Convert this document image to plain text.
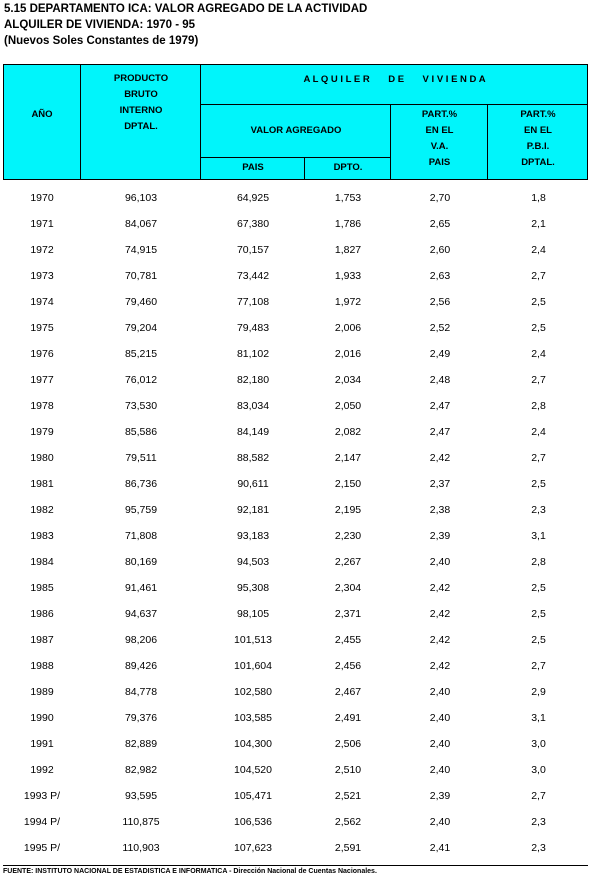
5.15 DEPARTAMENTO ICA: VALOR AGREGADO DE LA ACTIVIDAD
ALQUILER DE VIVIENDA: 1970 - 95
(Nuevos Soles Constantes de 1979)
AÑO
PRODUCTO
BRUTO
INTERNO
DPTAL.
A L Q U I L E R       D E       V I V I E N D A
VALOR AGREGADO
PAIS	DPTO.
PART.%
EN EL
V.A.
PAIS
PART.%
EN EL
P.B.I.
DPTAL.
1970	96,103	64,925	1,753	2,70	1,8
1971	84,067	67,380	1,786	2,65	2,1
1972	74,915	70,157	1,827	2,60	2,4
1973	70,781	73,442	1,933	2,63	2,7
1974	79,460	77,108	1,972	2,56	2,5
1975	79,204	79,483	2,006	2,52	2,5
1976	85,215	81,102	2,016	2,49	2,4
1977	76,012	82,180	2,034	2,48	2,7
1978	73,530	83,034	2,050	2,47	2,8
1979	85,586	84,149	2,082	2,47	2,4
1980	79,511	88,582	2,147	2,42	2,7
1981	86,736	90,611	2,150	2,37	2,5
1982	95,759	92,181	2,195	2,38	2,3
1983	71,808	93,183	2,230	2,39	3,1
1984	80,169	94,503	2,267	2,40	2,8
1985	91,461	95,308	2,304	2,42	2,5
1986	94,637	98,105	2,371	2,42	2,5
1987	98,206	101,513	2,455	2,42	2,5
1988	89,426	101,604	2,456	2,42	2,7
1989	84,778	102,580	2,467	2,40	2,9
1990	79,376	103,585	2,491	2,40	3,1
1991	82,889	104,300	2,506	2,40	3,0
1992	82,982	104,520	2,510	2,40	3,0
1993 P/	93,595	105,471	2,521	2,39	2,7
1994 P/	110,875	106,536	2,562	2,40	2,3
1995 P/	110,903	107,623	2,591	2,41	2,3
FUENTE: INSTITUTO NACIONAL DE ESTADISTICA E INFORMATICA - Dirección Nacional de Cuentas Nacionales.
